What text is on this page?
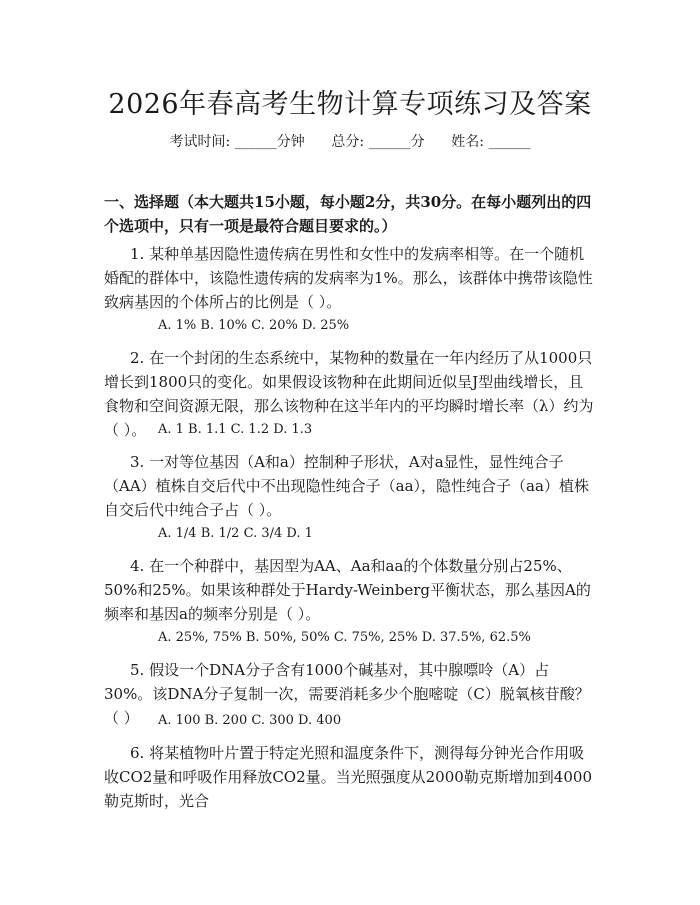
2026年春高考生物计算专项练习及答案
考试时间: ______分钟      总分: ______分      姓名: ______
一、选择题（本大题共15小题，每小题2分，共30分。在每小题列出的四个选项中，只有一项是最符合题目要求的。）
1. 某种单基因隐性遗传病在男性和女性中的发病率相等。在一个随机婚配的群体中，该隐性遗传病的发病率为1%。那么，该群体中携带该隐性致病基因的个体所占的比例是（ ）。
A. 1% B. 10% C. 20% D. 25%
2. 在一个封闭的生态系统中，某物种的数量在一年内经历了从1000只增长到1800只的变化。如果假设该物种在此期间近似呈J型曲线增长，且食物和空间资源无限，那么该物种在这半年内的平均瞬时增长率（λ）约为（ ）。 A. 1 B. 1.1 C. 1.2 D. 1.3
3. 一对等位基因（A和a）控制种子形状，A对a显性，显性纯合子（AA）植株自交后代中不出现隐性纯合子（aa），隐性纯合子（aa）植株自交后代中纯合子占（ ）。
A. 1/4 B. 1/2 C. 3/4 D. 1
4. 在一个种群中，基因型为AA、Aa和aa的个体数量分别占25%、50%和25%。如果该种群处于Hardy-Weinberg平衡状态，那么基因A的频率和基因a的频率分别是（ ）。
A. 25%, 75% B. 50%, 50% C. 75%, 25% D. 37.5%, 62.5%
5. 假设一个DNA分子含有1000个碱基对，其中腺嘌呤（A）占30%。该DNA分子复制一次，需要消耗多少个胞嘧啶（C）脱氧核苷酸？（ ）	A. 100 B. 200 C. 300 D. 400
6. 将某植物叶片置于特定光照和温度条件下，测得每分钟光合作用吸收CO2量和呼吸作用释放CO2量。当光照强度从2000勒克斯增加到4000勒克斯时，光合
